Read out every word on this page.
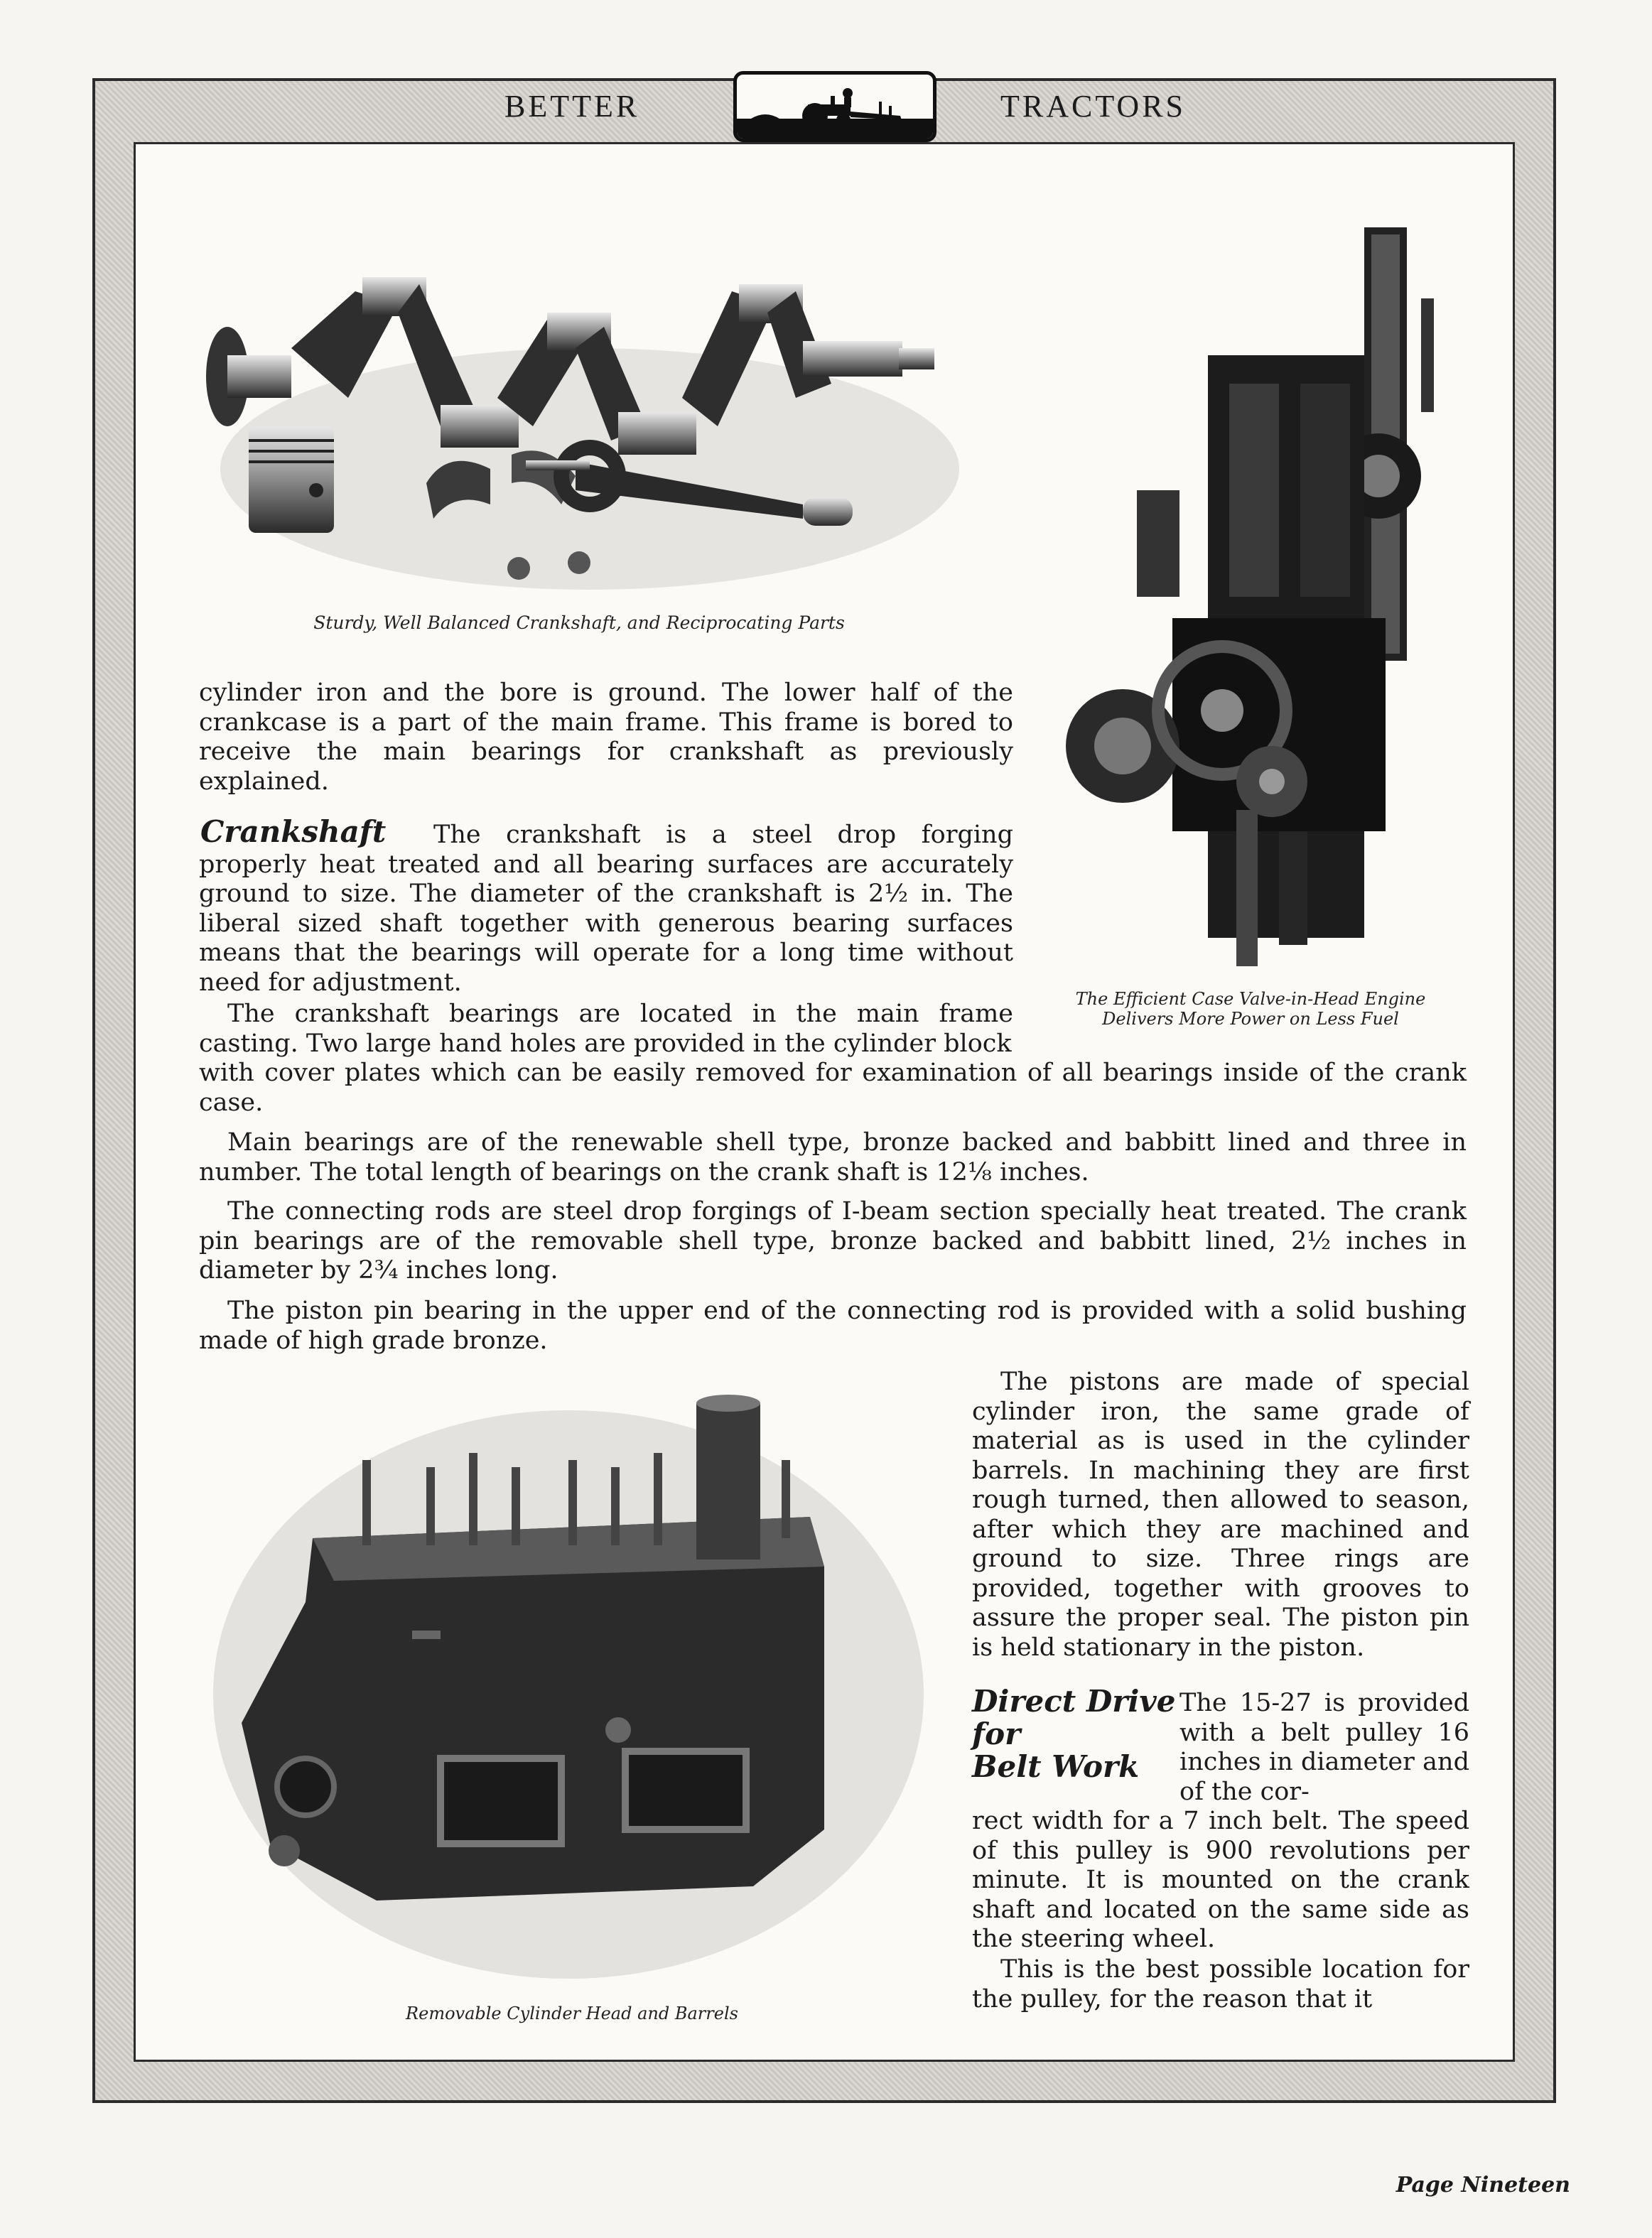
BETTER	TRACTORS
Sturdy, Well Balanced Crankshaft, and Reciprocating Parts
The Efficient Case Valve-in-Head Engine
Delivers More Power on Less Fuel

cylinder iron and the bore is ground. The lower half of the crankcase is a part of the main frame. This frame is bored to receive the main bearings for crankshaft as previously explained.

Crankshaft	The crankshaft is a steel drop forging properly heat treated and all bearing surfaces are accurately ground to size. The diameter of the crankshaft is 2½ in. The liberal sized shaft together with generous bearing surfaces means that the bearings will operate for a long time without need for adjustment.

The crankshaft bearings are located in the main frame casting. Two large hand holes are provided in the cylinder block

with cover plates which can be easily removed for examination of all bearings inside of the crank case.

Main bearings are of the renewable shell type, bronze backed and babbitt lined and three in number. The total length of bearings on the crank shaft is 12⅛ inches.

The connecting rods are steel drop forgings of I-beam section specially heat treated. The crank pin bearings are of the removable shell type, bronze backed and babbitt lined, 2½ inches in diameter by 2¾ inches long.

The piston pin bearing in the upper end of the connecting rod is provided with a solid bushing made of high grade bronze.

Removable Cylinder Head and Barrels

The pistons are made of special cylinder iron, the same grade of material as is used in the cylinder barrels. In machining they are first rough turned, then allowed to season, after which they are machined and ground to size. Three rings are provided, together with grooves to assure the proper seal. The piston pin is held stationary in the piston.

Direct Drive
for
Belt Work

The 15-27 is provided with a belt pulley 16 inches in diameter and of the cor-

rect width for a 7 inch belt. The speed of this pulley is 900 revolutions per minute. It is mounted on the crank shaft and located on the same side as the steering wheel.

This is the best possible location for the pulley, for the reason that it

Page Nineteen
